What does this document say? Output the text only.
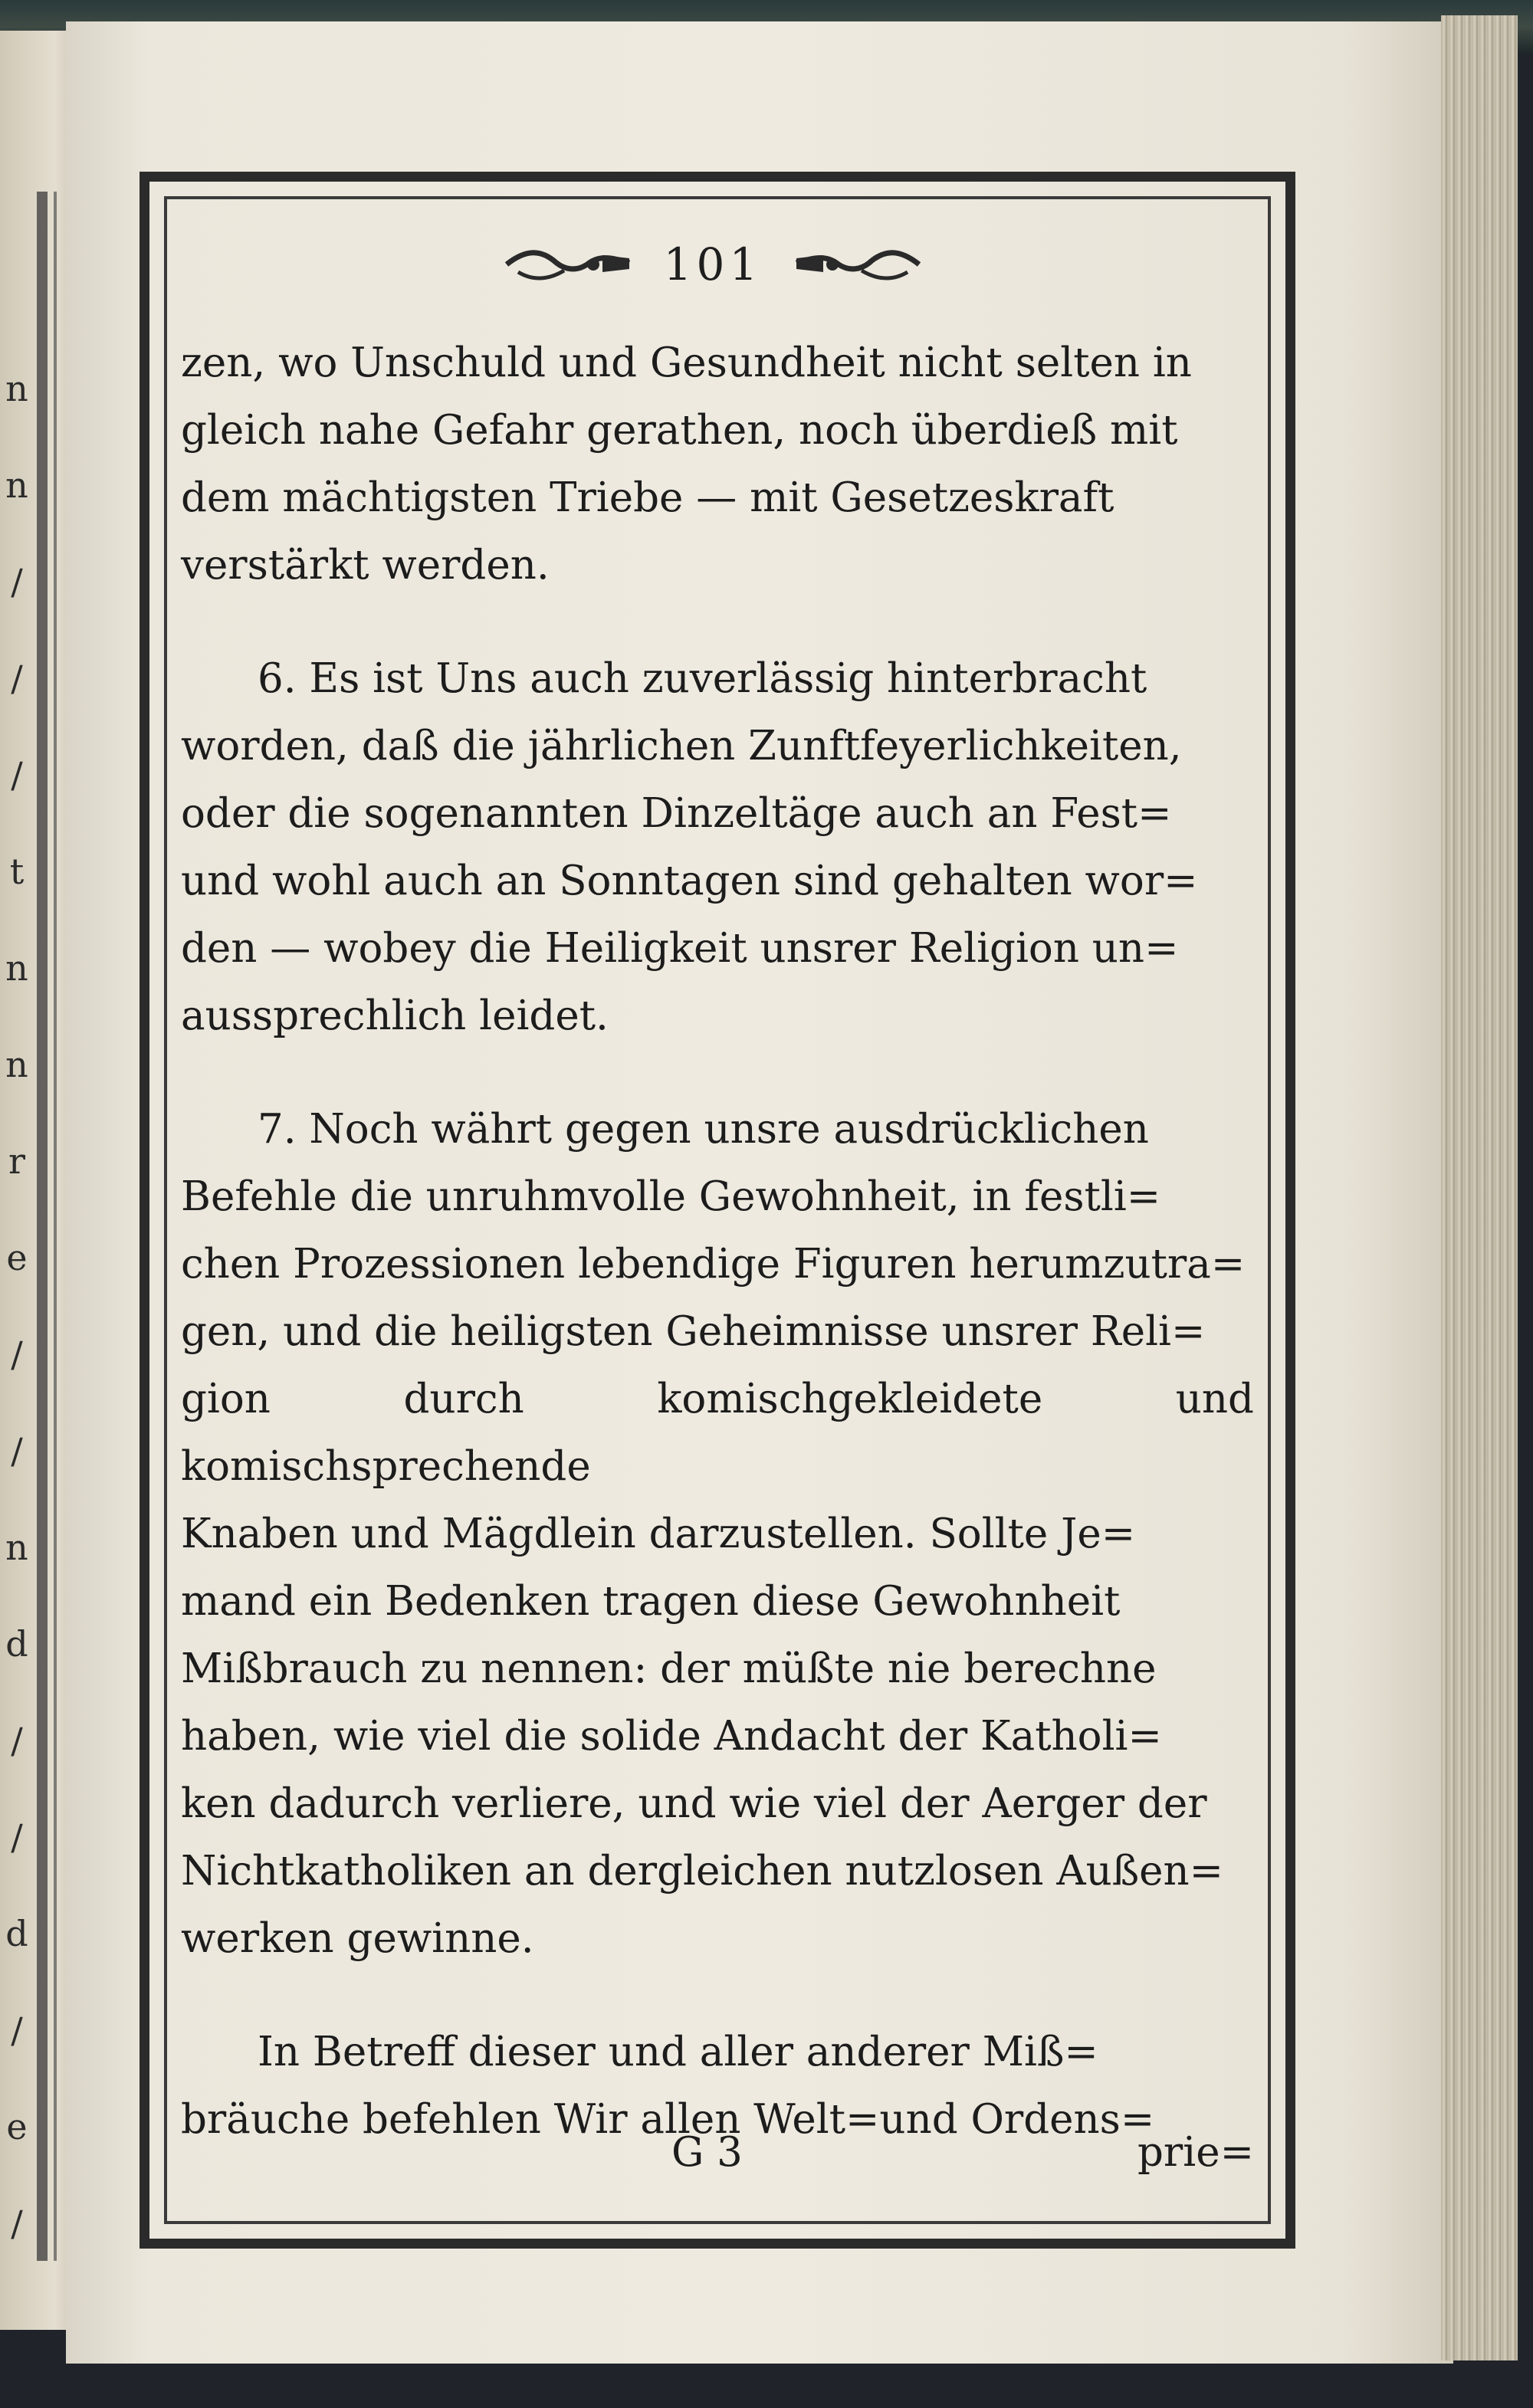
n
n
/
/
/
t
n
n
r
e
/
/
n
d
/
/
d
/
e
/
101

zen, wo Unschuld und Gesundheit nicht selten in
gleich nahe Gefahr gerathen, noch überdieß mit
dem mächtigsten Triebe — mit Gesetzeskraft
verstärkt werden.

6. Es ist Uns auch zuverlässig hinterbracht
worden, daß die jährlichen Zunftfeyerlichkeiten,
oder die sogenannten Dinzeltäge auch an Fest=
und wohl auch an Sonntagen sind gehalten wor=
den — wobey die Heiligkeit unsrer Religion un=
aussprechlich leidet.

7. Noch währt gegen unsre ausdrücklichen
Befehle die unruhmvolle Gewohnheit, in festli=
chen Prozessionen lebendige Figuren herumzutra=
gen, und die heiligsten Geheimnisse unsrer Reli=
gion durch komischgekleidete und komischsprechende
Knaben und Mägdlein darzustellen. Sollte Je=
mand ein Bedenken tragen diese Gewohnheit
Mißbrauch zu nennen: der müßte nie berechne
haben, wie viel die solide Andacht der Katholi=
ken dadurch verliere, und wie viel der Aerger der
Nichtkatholiken an dergleichen nutzlosen Außen=
werken gewinne.

In Betreff dieser und aller anderer Miß=
bräuche befehlen Wir allen Welt=und Ordens=

G 3	prie=
